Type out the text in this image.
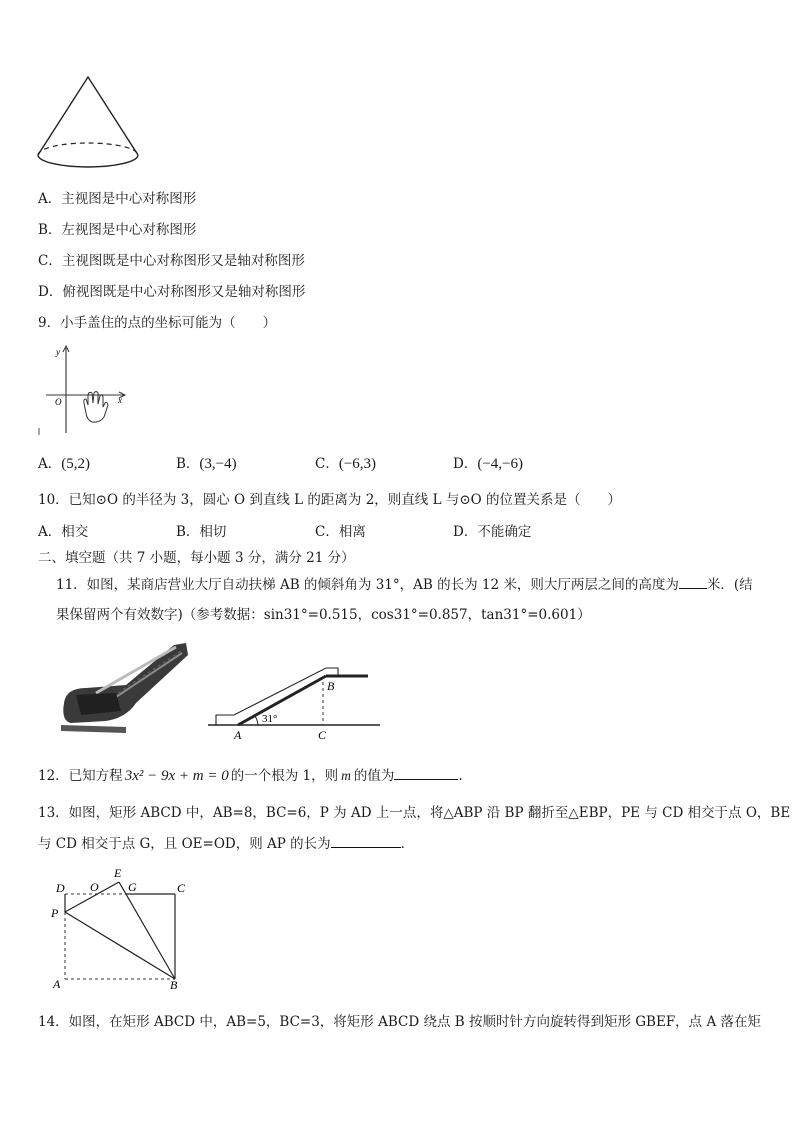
A．主视图是中心对称图形
B．左视图是中心对称图形
C．主视图既是中心对称图形又是轴对称图形
D．俯视图既是中心对称图形又是轴对称图形
9．小手盖住的点的坐标可能为（　　）
y
x
O
A．(5,2)	B．(3,−4)	C．(−6,3)	D．(−4,−6)
10．已知⊙O 的半径为 3，圆心 O 到直线 L 的距离为 2，则直线 L 与⊙O 的位置关系是（　　）
A．相交	B．相切	C．相离	D．不能确定
二、填空题（共 7 小题，每小题 3 分，满分 21 分）
11．如图，某商店营业大厅自动扶梯 AB 的倾斜角为 31°，AB 的长为 12 米，则大厅两层之间的高度为 米．(结
果保留两个有效数字)（参考数据：sin31°=0.515，cos31°=0.857，tan31°=0.601）
31°
A
B
C
12．已知方程 3x² − 9x + m = 0 的一个根为 1，则 m 的值为	.
13．如图，矩形 ABCD 中，AB=8，BC=6，P 为 AD 上一点，将△ABP 沿 BP 翻折至△EBP，PE 与 CD 相交于点 O，BE
与 CD 相交于点 G，且 OE=OD，则 AP 的长为	．
D O
E
G	C
P
A	B
14．如图，在矩形 ABCD 中，AB=5，BC=3，将矩形 ABCD 绕点 B 按顺时针方向旋转得到矩形 GBEF，点 A 落在矩
